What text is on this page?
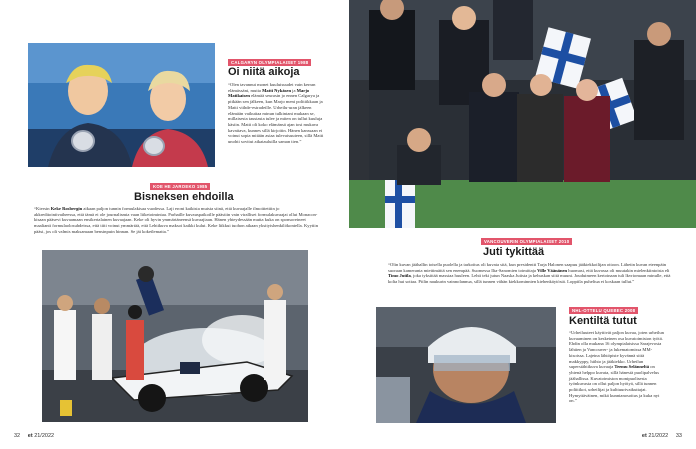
CALGARYN OLYMPIALAISET 1988
Oi niitä aikoja

“Olen tavannut monet kuuluisuudet vain kerran elämässäni, mutta Matti Nykäsen ja Marjo Matikaisen elämää seurasin jo ennen Calgarya ja pitkään sen jälkeen, kun Marjo meni politiikkaan ja Matti viihde-estradeille. Urheilu-uran jälkeen elämään vaikuttaa minun tulkintani mukaan se, millaisesta taustasta tulee ja miten on tullut kuuluja käsiin. Matti oli koko elämänsä ajan tosi mukava kavattava, kunnes sillä kirjoitin. Hänen kanssaan ei voinut sopia mitään asiaa tulevaisuuteen, sillä Matti unohti sovitut aikatauluilla saman tien.”

KOE HE JAROEKO 1985
Bisneksen ehdoilla

“Kiersin Keke Rosbergin aikaan paljon tunnin formulakisaa vuodessa. Laji eroni kaikista muista siinä, että kuvaajalle ilmoittettiin jo akkreditointivaiheessa, että tämä ei ole journalismia vaan liiketoimintaa. Parhaille kuvauspaikoille päästiin vain viralliset formulakuvaajat ollut Monacon- kisaan pääsevi kuvaamaan ensikertalainen kuvaajaan. Keke oli hyvin ymmärtäneensä kuvaajiaan. Hänen yhteydessään mutta kuka on sponsoreineet maalianti formulaolosuhdeissa, että tiiti voinut ymmärtää, että Lehtikuva maksoi kaikki kulut. Keke liikkui tuohon aikaan yksityishenkilökontella. Kyytiin pääsi, jos oli valmis maksamaan bensinpuin hinnan. Se jäi kokeilematta.”

32 et 21/2022
VANCOUVERIN OLYMPIALAISET 2010
Juti tykittää

“Olin kuvan jäähallin toisella puolella ja tarkoitus oli kuvata sitä, kun presidentti Tarja Halonen saapuu jääkiekkoilijan ottoon. Lähetin kuvan eteenpäin suoraan kameranta miettimättä sen enempää. Suomessa Ilta-Sanomien toimittaja Ville Väänänen huomasi, että kuvassa oli muutakin mielenkiintoista eli Timo Jutila, joka tyksittää massiaa huuleen. Lehti teki jutun Naaska Jutista ja kehuskan siitä muuni. Jouduimeen kertoinaan tuli lkvriomaan minulle, että kolta hui sottaa. Piilin naukurin vainnolannua, sillä tunnen vähän kiekkominnien kiehenkäytöstä. Loppiila puheltua ei koskaan tullut.”

NHL-OTTELU QUEBEC 2008
Kentiltä tutut

“Urheiluuteet käyttivät paljon kuvaa, joten urheilun kuvaaminen on keskeinen osa kuvatoimiston työtä. Ehdin olla mukana 16 olympialaisissa Sarajevosta lähtien ja Vancouver- ja lukematomissa MM-kisoissa. Lajeina lähtöpiste kyvännä sittä makkyppy, hiihto ja jääkiekko. Urheilun superstähtikuva kuvaaja Teemu Selänneltä on yhtenä helppo kuvata, sillä hänestä puolipalvelus jäähallissa. Kuvatoimiston monipuolisesta työnkuvasta on ollut paljon hyötyä, sillä tunnen poliitikot, urheilijat ja kulttuurivaikuttajat. Hymyttäväinen, mikä kunnianosoitus ja kuka nyt on.”

et 21/2022 33
